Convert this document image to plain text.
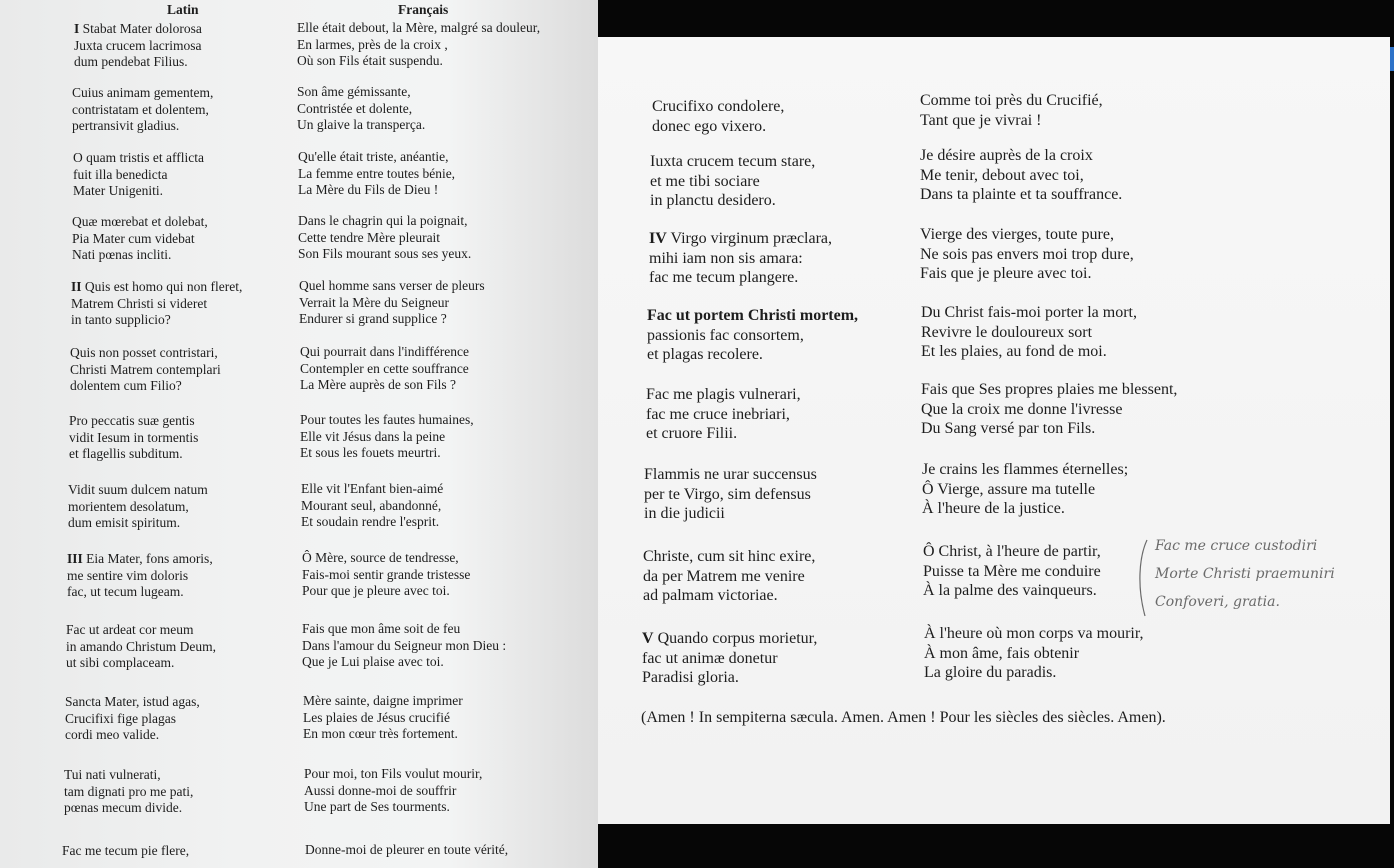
Latin	Français
I Stabat Mater dolorosa
Juxta crucem lacrimosa
dum pendebat Filius.
Elle était debout, la Mère, malgré sa douleur,
En larmes, près de la croix ,
Où son Fils était suspendu.
Cuius animam gementem,
contristatam et dolentem,
pertransivit gladius.
Son âme gémissante,
Contristée et dolente,
Un glaive la transperça.
O quam tristis et afflicta
fuit illa benedicta
Mater Unigeniti.
Qu'elle était triste, anéantie,
La femme entre toutes bénie,
La Mère du Fils de Dieu !
Quæ mœrebat et dolebat,
Pia Mater cum videbat
Nati pœnas incliti.
Dans le chagrin qui la poignait,
Cette tendre Mère pleurait
Son Fils mourant sous ses yeux.
II Quis est homo qui non fleret,
Matrem Christi si videret
in tanto supplicio?
Quel homme sans verser de pleurs
Verrait la Mère du Seigneur
Endurer si grand supplice ?
Quis non posset contristari,
Christi Matrem contemplari
dolentem cum Filio?
Qui pourrait dans l'indifférence
Contempler en cette souffrance
La Mère auprès de son Fils ?
Pro peccatis suæ gentis
vidit Iesum in tormentis
et flagellis subditum.
Pour toutes les fautes humaines,
Elle vit Jésus dans la peine
Et sous les fouets meurtri.
Vidit suum dulcem natum
morientem desolatum,
dum emisit spiritum.
Elle vit l'Enfant bien-aimé
Mourant seul, abandonné,
Et soudain rendre l'esprit.
III Eia Mater, fons amoris,
me sentire vim doloris
fac, ut tecum lugeam.
Ô Mère, source de tendresse,
Fais-moi sentir grande tristesse
Pour que je pleure avec toi.
Fac ut ardeat cor meum
in amando Christum Deum,
ut sibi complaceam.
Fais que mon âme soit de feu
Dans l'amour du Seigneur mon Dieu :
Que je Lui plaise avec toi.
Sancta Mater, istud agas,
Crucifixi fige plagas
cordi meo valide.
Mère sainte, daigne imprimer
Les plaies de Jésus crucifié
En mon cœur très fortement.
Tui nati vulnerati,
tam dignati pro me pati,
pœnas mecum divide.
Pour moi, ton Fils voulut mourir,
Aussi donne-moi de souffrir
Une part de Ses tourments.
Fac me tecum pie flere,	Donne-moi de pleurer en toute vérité,
(Amen ! In sempiterna sæcula. Amen. Amen ! Pour les siècles des siècles. Amen).
Fac me cruce custodiri
Morte Christi praemuniri
Confoveri, gratia.
Crucifixo condolere,
donec ego vixero.
Comme toi près du Crucifié,
Tant que je vivrai !
Iuxta crucem tecum stare,
et me tibi sociare
in planctu desidero.
Je désire auprès de la croix
Me tenir, debout avec toi,
Dans ta plainte et ta souffrance.
IV Virgo virginum præclara,
mihi iam non sis amara:
fac me tecum plangere.
Vierge des vierges, toute pure,
Ne sois pas envers moi trop dure,
Fais que je pleure avec toi.
Fac ut portem Christi mortem,
passionis fac consortem,
et plagas recolere.
Du Christ fais-moi porter la mort,
Revivre le douloureux sort
Et les plaies, au fond de moi.
Fac me plagis vulnerari,
fac me cruce inebriari,
et cruore Filii.
Fais que Ses propres plaies me blessent,
Que la croix me donne l'ivresse
Du Sang versé par ton Fils.
Flammis ne urar succensus
per te Virgo, sim defensus
in die judicii
Je crains les flammes éternelles;
Ô Vierge, assure ma tutelle
À l'heure de la justice.
Christe, cum sit hinc exire,
da per Matrem me venire
ad palmam victoriae.
Ô Christ, à l'heure de partir,
Puisse ta Mère me conduire
À la palme des vainqueurs.
V Quando corpus morietur,
fac ut animæ donetur
Paradisi gloria.
À l'heure où mon corps va mourir,
À mon âme, fais obtenir
La gloire du paradis.
